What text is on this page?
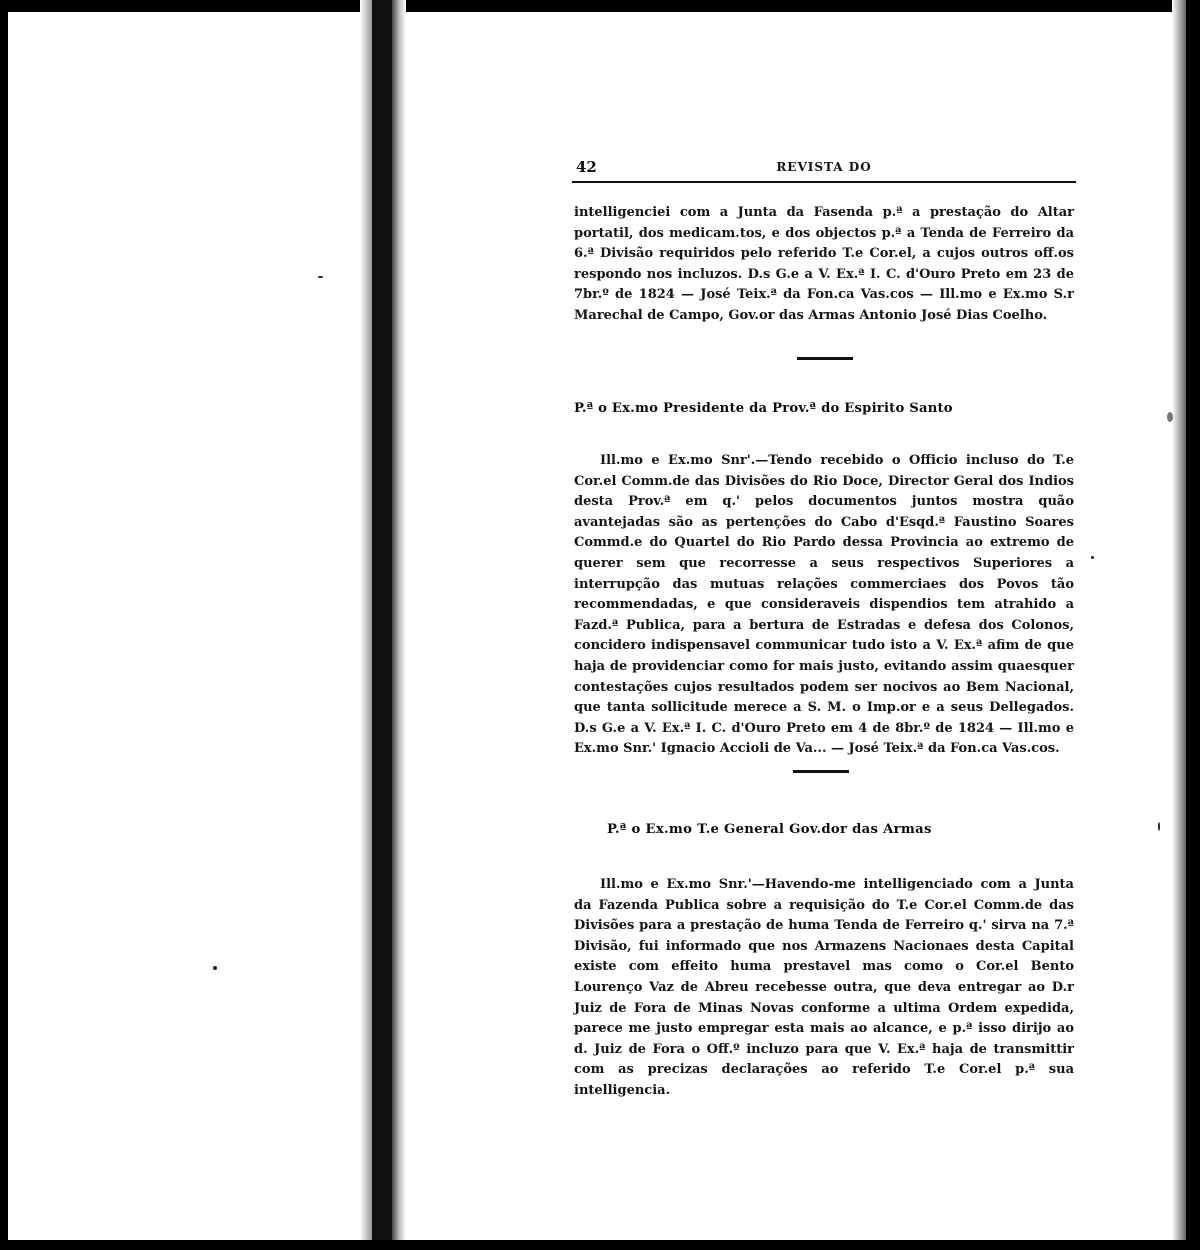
42	REVISTA DO
intelligenciei com a Junta da Fasenda p.ª a prestação do Altar portatil, dos medicam.tos, e dos objectos p.ª a Tenda de Ferreiro da 6.ª Divisão requiridos pelo referido T.e Cor.el, a cujos outros off.os respondo nos incluzos. D.s G.e a V. Ex.ª I. C. d'Ouro Preto em 23 de 7br.º de 1824 — José Teix.ª da Fon.ca Vas.cos — Ill.mo e Ex.mo S.r Marechal de Campo, Gov.or das Armas Antonio José Dias Coelho.
P.ª o Ex.mo Presidente da Prov.ª do Espirito Santo
Ill.mo e Ex.mo Snr'.—Tendo recebido o Officio incluso do T.e Cor.el Comm.de das Divisões do Rio Doce, Director Geral dos Indios desta Prov.ª em q.' pelos documentos juntos mostra quão avantejadas são as pertenções do Cabo d'Esqd.ª Faustino Soares Commd.e do Quartel do Rio Pardo dessa Provincia ao extremo de querer sem que recorresse a seus respectivos Superiores a interrupção das mutuas relações commerciaes dos Povos tão recommendadas, e que consideraveis dispendios tem atrahido a Fazd.ª Publica, para a bertura de Estradas e defesa dos Colonos, concidero indispensavel communicar tudo isto a V. Ex.ª afim de que haja de providenciar como for mais justo, evitando assim quaesquer contestações cujos resultados podem ser nocivos ao Bem Nacional, que tanta sollicitude merece a S. M. o Imp.or e a seus Dellegados. D.s G.e a V. Ex.ª I. C. d'Ouro Preto em 4 de 8br.º de 1824 — Ill.mo e Ex.mo Snr.' Ignacio Accioli de Va... — José Teix.ª da Fon.ca Vas.cos.
P.ª o Ex.mo T.e General Gov.dor das Armas
Ill.mo e Ex.mo Snr.'—Havendo-me intelligenciado com a Junta da Fazenda Publica sobre a requisição do T.e Cor.el Comm.de das Divisões para a prestação de huma Tenda de Ferreiro q.' sirva na 7.ª Divisão, fui informado que nos Armazens Nacionaes desta Capital existe com effeito huma prestavel mas como o Cor.el Bento Lourenço Vaz de Abreu recebesse outra, que deva entregar ao D.r Juiz de Fora de Minas Novas conforme a ultima Ordem expedida, parece me justo empregar esta mais ao alcance, e p.ª isso dirijo ao d. Juiz de Fora o Off.º incluzo para que V. Ex.ª haja de transmittir com as precizas declarações ao referido T.e Cor.el p.ª sua intelligencia.
